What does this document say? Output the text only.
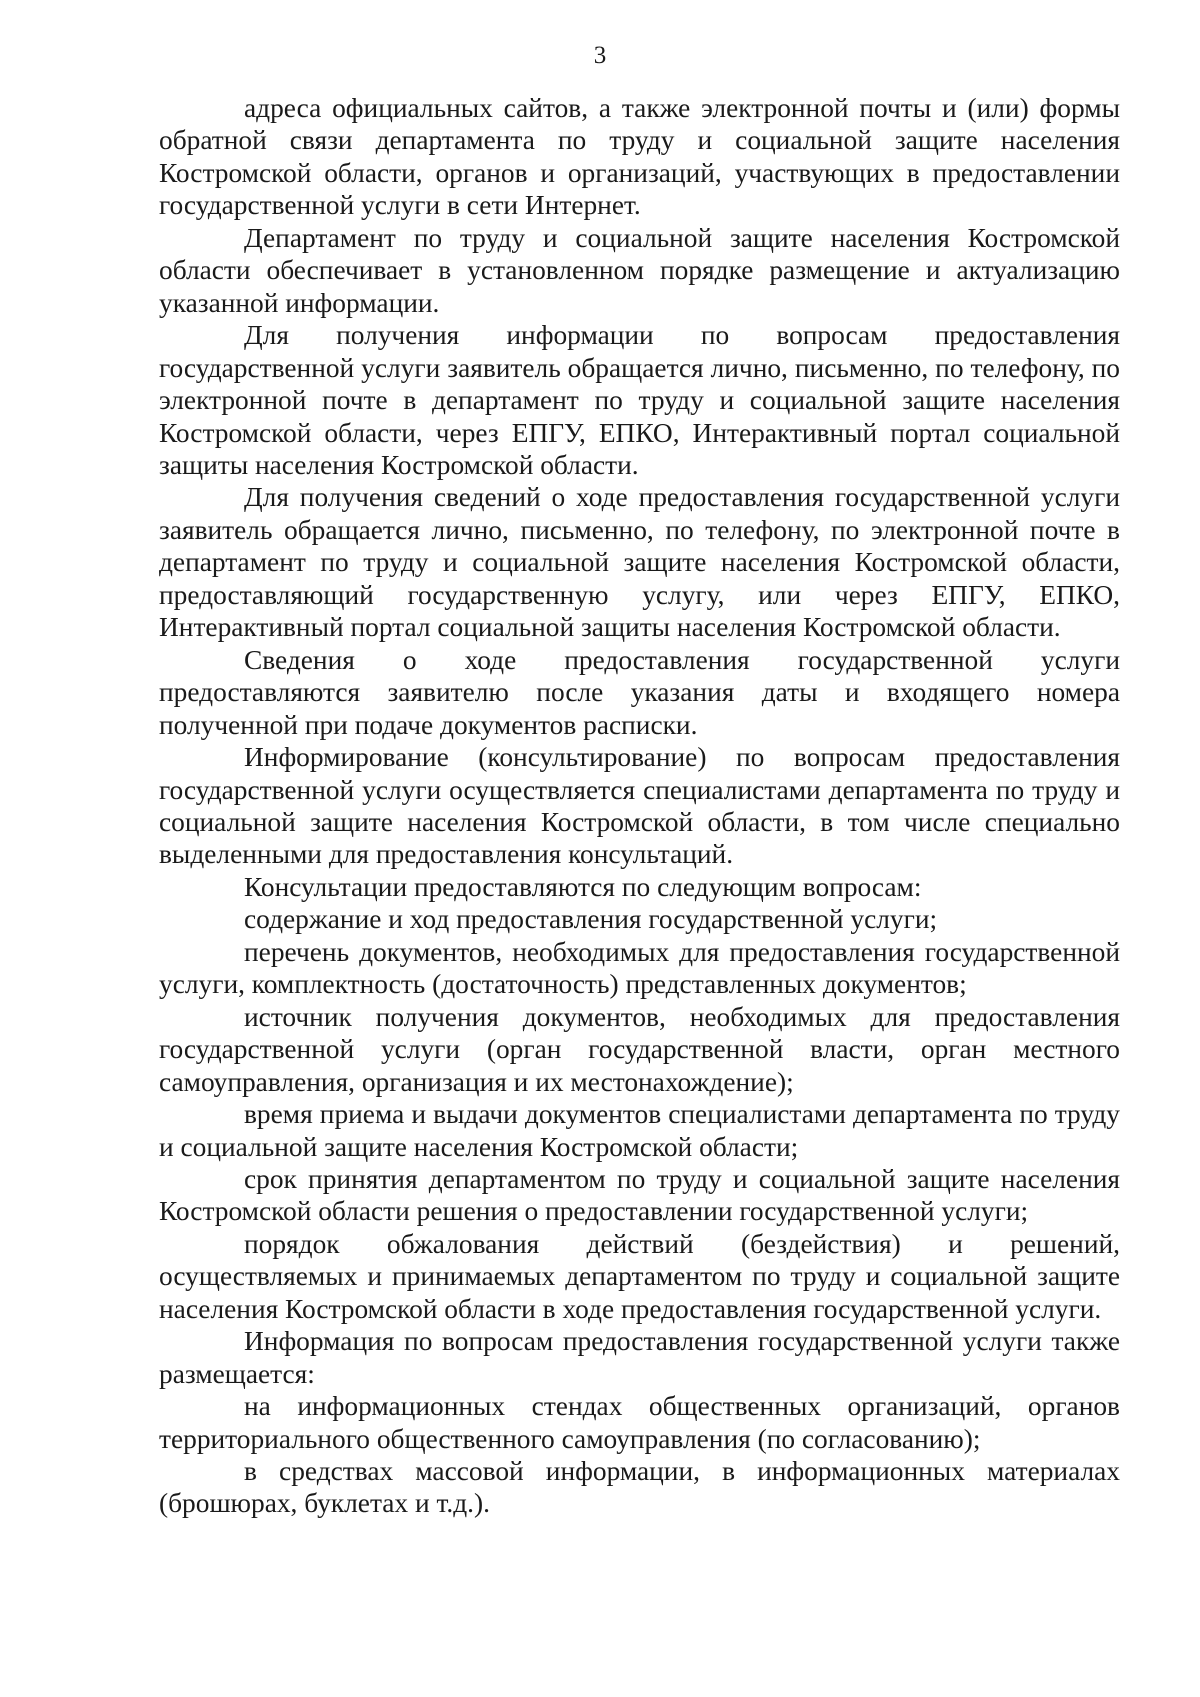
3

адреса официальных сайтов, а также электронной почты и (или) формы обратной связи департамента по труду и социальной защите населения Костромской области, органов и организаций, участвующих в предоставлении государственной услуги в сети Интернет.

Департамент по труду и социальной защите населения Костромской области обеспечивает в установленном порядке размещение и актуализацию указанной информации.

Для получения информации по вопросам предоставления государственной услуги заявитель обращается лично, письменно, по телефону, по электронной почте в департамент по труду и социальной защите населения Костромской области, через ЕПГУ, ЕПКО, Интерактивный портал социальной защиты населения Костромской области.

Для получения сведений о ходе предоставления государственной услуги заявитель обращается лично, письменно, по телефону, по электронной почте в департамент по труду и социальной защите населения Костромской области, предоставляющий государственную услугу, или через ЕПГУ, ЕПКО, Интерактивный портал социальной защиты населения Костромской области.

Сведения о ходе предоставления государственной услуги предоставляются заявителю после указания даты и входящего номера полученной при подаче документов расписки.

Информирование (консультирование) по вопросам предоставления государственной услуги осуществляется специалистами департамента по труду и социальной защите населения Костромской области, в том числе специально выделенными для предоставления консультаций.

Консультации предоставляются по следующим вопросам:

содержание и ход предоставления государственной услуги;

перечень документов, необходимых для предоставления государственной услуги, комплектность (достаточность) представленных документов;

источник получения документов, необходимых для предоставления государственной услуги (орган государственной власти, орган местного самоуправления, организация и их местонахождение);

время приема и выдачи документов специалистами департамента по труду и социальной защите населения Костромской области;

срок принятия департаментом по труду и социальной защите населения Костромской области решения о предоставлении государственной услуги;

порядок обжалования действий (бездействия) и решений, осуществляемых и принимаемых департаментом по труду и социальной защите населения Костромской области в ходе предоставления государственной услуги.

Информация по вопросам предоставления государственной услуги также размещается:

на информационных стендах общественных организаций, органов территориального общественного самоуправления (по согласованию);

в средствах массовой информации, в информационных материалах (брошюрах, буклетах и т.д.).
